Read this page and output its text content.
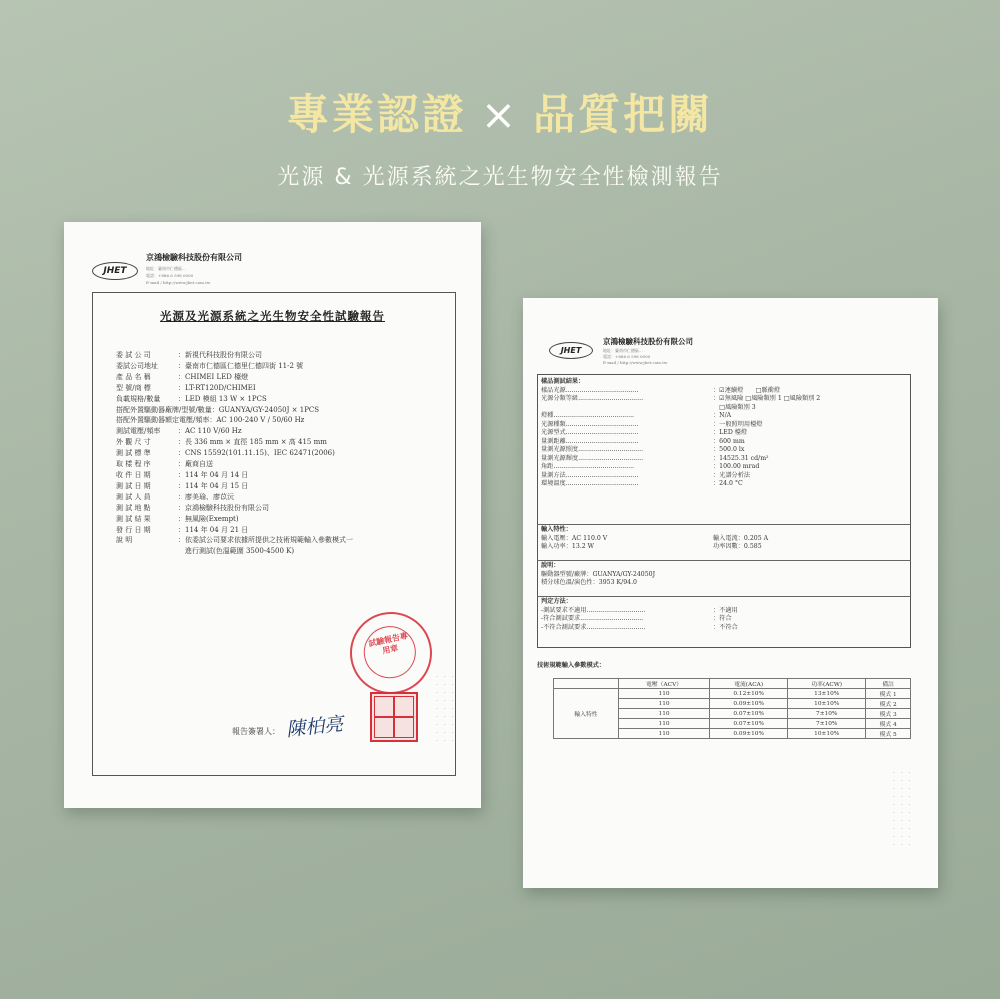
專業認證 × 品質把關
光源 & 光源系統之光生物安全性檢測報告
JHET
京鴻檢驗科技股份有限公司
地址：臺南市仁德區...
電話：+886 6 598 0000
E-mail / http://www.jhet.com.tw
光源及光源系統之光生物安全性試驗報告
委 試 公 司	：新視代科技股份有限公司
委試公司地址	：臺南市仁德區仁德里仁德四街 11-2 號
產 品 名 稱	：CHIMEI LED 檯燈
型 號/商 標	：LT-RT120D/CHIMEI
負載規格/數量	：LED 模組 13 W × 1PCS
搭配外置驅動器廠牌/型號/數量：GUANYA/GY-24050J × 1PCS
搭配外置驅動器額定電壓/頻率：AC 100-240 V / 50/60 Hz
測試電壓/頻率	：AC 110 V/60 Hz
外 觀 尺 寸	：長 336 mm × 直徑 185 mm × 高 415 mm
測 試 標 準	：CNS 15592(101.11.15)、IEC 62471(2006)
取 樣 程 序	：廠商自送
收 件 日 期	：114 年 04 月 14 日
測 試 日 期	：114 年 04 月 15 日
測 試 人 員	：廖美瑜、廖苡沅
測 試 地 點	：京鴻檢驗科技股份有限公司
測 試 結 果	：無風險(Exempt)
發 行 日 期	：114 年 04 月 21 日
說 明	：依委試公司要求依據所提供之技術規範輸入參數模式一
　進行測試(色溫範圍 3500-4500 K)
試驗報告專用章
報告簽署人： 陳柏亮
· · ·
· · ·
· · ·
· · ·
· · ·
· · ·
· · ·
· · ·
· · ·
JHET
京鴻檢驗科技股份有限公司
地址：臺南市仁德區...
電話：+886 6 598 0000
E-mail / http://www.jhet.com.tw
樣品測試結果：
樣品光源.....................................	：☑連續燈　　□脈衝燈
光源分類等級.................................	：☑無風險 □風險類別 1 □風險類別 2
　□風險類別 3
燈種.........................................	：N/A
光源種類.....................................	：一般照明用檯燈
光源型式.....................................	：LED 檯燈
量測距離.....................................	：600 mm
量測光源照度.................................	：500.0 lx
量測光源輝度.................................	：14525.31 cd/m²
角距.........................................	：100.00 mrad
量測方法.....................................	：光譜分析法
環境溫度.....................................	：24.0 °C
輸入特性：
輸入電壓：AC 110.0 V	輸入電流：0.205 A
輸入功率：13.2 W	功率因數：0.585
說明：
驅動器型號/廠牌：GUANYA/GY-24050J
積分球色溫/演色性：3953 K/94.0
判定方法：
-測試要求不適用..............................	：不適用
-符合測試要求................................	：符合
-不符合測試要求..............................	：不符合
技術規範輸入參數模式：
	電壓（ACV）	電流(ACA)	功率(ACW)	備註
輸入特性	110	0.12±10%	13±10%	模式 1
	110	0.09±10%	10±10%	模式 2
	110	0.07±10%	7±10%	模式 3
	110	0.07±10%	7±10%	模式 4
	110	0.09±10%	10±10%	模式 5
· · ·
· · ·
· · ·
· · ·
· · ·
· · ·
· · ·
· · ·
· · ·
· · ·
